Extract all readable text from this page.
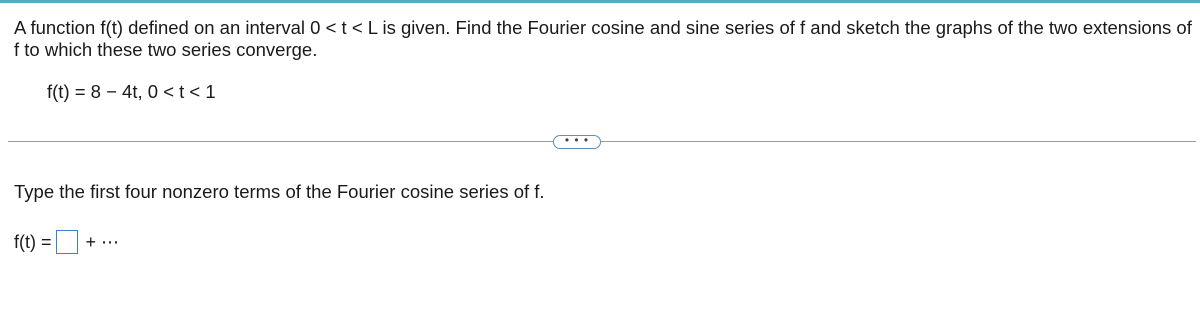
A function f(t) defined on an interval 0 < t < L is given. Find the Fourier cosine and sine series of f and sketch the graphs of the two extensions of f to which these two series converge.
f(t) = 8 − 4t, 0 < t < 1
• • •
Type the first four nonzero terms of the Fourier cosine series of f.
f(t) = + ⋯
